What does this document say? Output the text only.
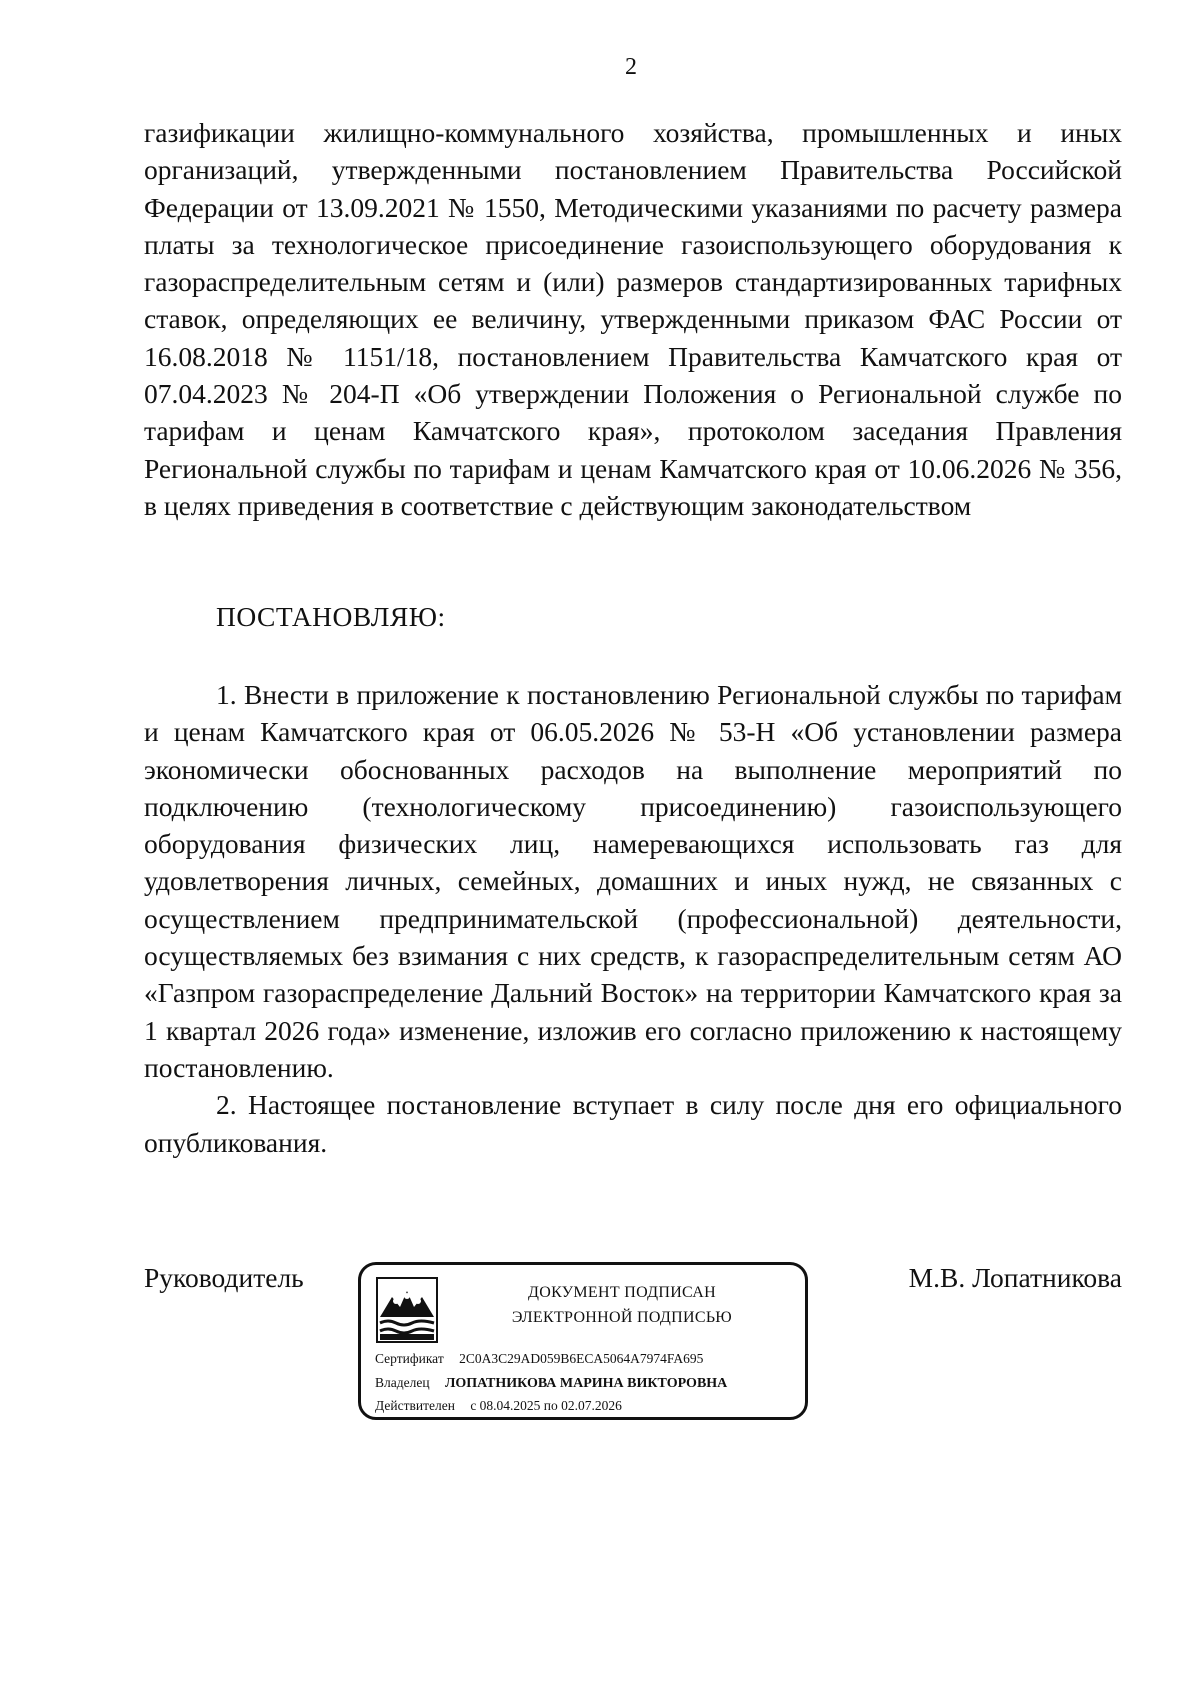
2

газификации жилищно-коммунального хозяйства, промышленных и иных организаций, утвержденными постановлением Правительства Российской Федерации от 13.09.2021 № 1550, Методическими указаниями по расчету размера платы за технологическое присоединение газоиспользующего оборудования к газораспределительным сетям и (или) размеров стандартизированных тарифных ставок, определяющих ее величину, утвержденными приказом ФАС России от 16.08.2018 № 1151/18, постановлением Правительства Камчатского края от 07.04.2023 № 204-П «Об утверждении Положения о Региональной службе по тарифам и ценам Камчатского края», протоколом заседания Правления Региональной службы по тарифам и ценам Камчатского края от 10.06.2026 № 356, в целях приведения в соответствие с действующим законодательством

ПОСТАНОВЛЯЮ:

1. Внести в приложение к постановлению Региональной службы по тарифам и ценам Камчатского края от 06.05.2026 № 53-Н «Об установлении размера экономически обоснованных расходов на выполнение мероприятий по подключению (технологическому присоединению) газоиспользующего оборудования физических лиц, намеревающихся использовать газ для удовлетворения личных, семейных, домашних и иных нужд, не связанных с осуществлением предпринимательской (профессиональной) деятельности, осуществляемых без взимания с них средств, к газораспределительным сетям АО «Газпром газораспределение Дальний Восток» на территории Камчатского края за 1 квартал 2026 года» изменение, изложив его согласно приложению к настоящему постановлению.

2. Настоящее постановление вступает в силу после дня его официального опубликования.

Руководитель	ДОКУМЕНТ ПОДПИСАН
ЭЛЕКТРОННОЙ ПОДПИСЬЮ
Сертификат 2C0A3C29AD059B6ECA5064A7974FA695
Владелец ЛОПАТНИКОВА МАРИНА ВИКТОРОВНА
Действителен с 08.04.2025 по 02.07.2026
М.В. Лопатникова
